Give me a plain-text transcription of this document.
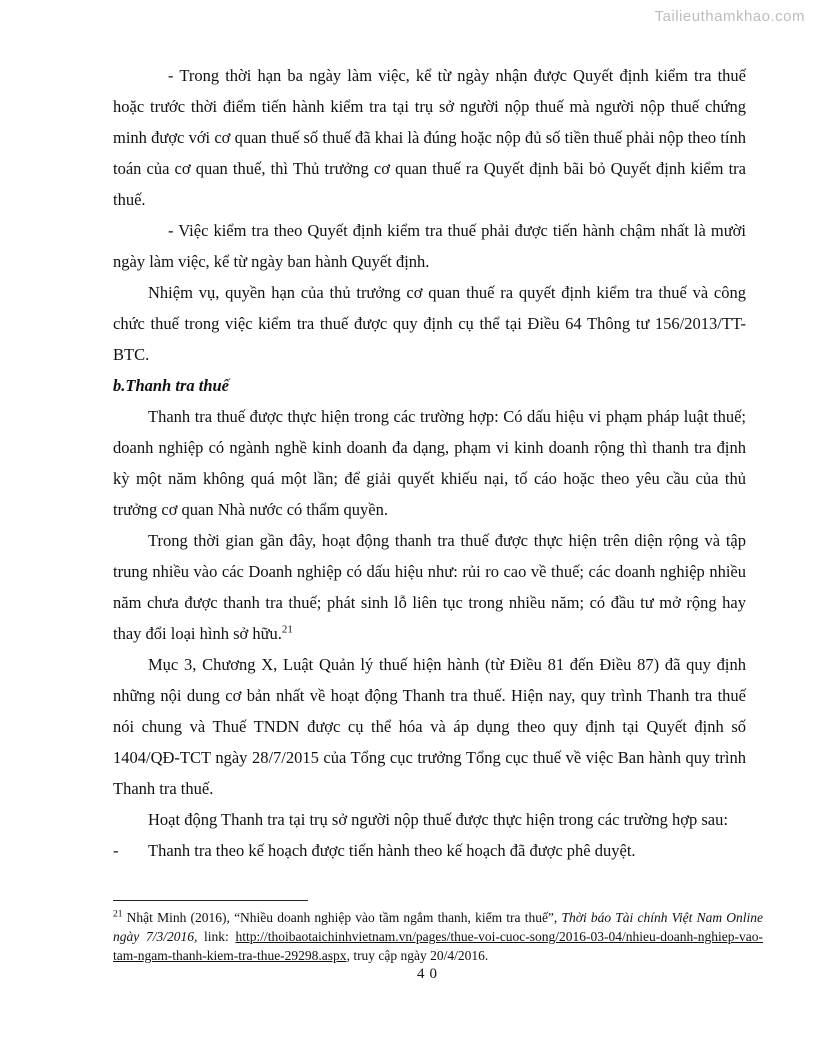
Tailieuthamkhao.com

- Trong thời hạn ba ngày làm việc, kể từ ngày nhận được Quyết định kiểm tra thuế hoặc trước thời điểm tiến hành kiểm tra tại trụ sở người nộp thuế mà người nộp thuế chứng minh được với cơ quan thuế số thuế đã khai là đúng hoặc nộp đủ số tiền thuế phải nộp theo tính toán của cơ quan thuế, thì Thủ trưởng cơ quan thuế ra Quyết định bãi bỏ Quyết định kiểm tra thuế.

- Việc kiểm tra theo Quyết định kiểm tra thuế phải được tiến hành chậm nhất là mười ngày làm việc, kể từ ngày ban hành Quyết định.

Nhiệm vụ, quyền hạn của thủ trưởng cơ quan thuế ra quyết định kiểm tra thuế và công chức thuế trong việc kiểm tra thuế được quy định cụ thể tại Điều 64 Thông tư 156/2013/TT-BTC.

b.Thanh tra thuế

Thanh tra thuế được thực hiện trong các trường hợp: Có dấu hiệu vi phạm pháp luật thuế; doanh nghiệp có ngành nghề kinh doanh đa dạng, phạm vi kinh doanh rộng thì thanh tra định kỳ một năm không quá một lần; để giải quyết khiếu nại, tố cáo hoặc theo yêu cầu của thủ trưởng cơ quan Nhà nước có thẩm quyền.

Trong thời gian gần đây, hoạt động thanh tra thuế được thực hiện trên diện rộng và tập trung nhiều vào các Doanh nghiệp có dấu hiệu như: rủi ro cao về thuế; các doanh nghiệp nhiều năm chưa được thanh tra thuế; phát sinh lỗ liên tục trong nhiều năm; có đầu tư mở rộng hay thay đổi loại hình sở hữu.$^{21}$

Mục 3, Chương X, Luật Quản lý thuế hiện hành (từ Điều 81 đến Điều 87) đã quy định những nội dung cơ bản nhất về hoạt động Thanh tra thuế. Hiện nay, quy trình Thanh tra thuế nói chung và Thuế TNDN được cụ thể hóa và áp dụng theo quy định tại Quyết định số 1404/QĐ-TCT ngày 28/7/2015 của Tổng cục trưởng Tổng cục thuế về việc Ban hành quy trình Thanh tra thuế.

Hoạt động Thanh tra tại trụ sở người nộp thuế được thực hiện trong các trường hợp sau:

- Thanh tra theo kế hoạch được tiến hành theo kế hoạch đã được phê duyệt.

$^{21}$ Nhật Minh (2016), “Nhiều doanh nghiệp vào tầm ngắm thanh, kiểm tra thuế”, Thời báo Tài chính Việt Nam Online ngày 7/3/2016, link: http://thoibaotaichinhvietnam.vn/pages/thue-voi-cuoc-song/2016-03-04/nhieu-doanh-nghiep-vao-tam-ngam-thanh-kiem-tra-thue-29298.aspx, truy cập ngày 20/4/2016.

40
